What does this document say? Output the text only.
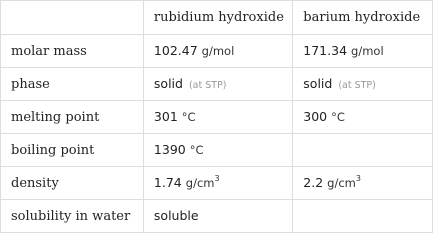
	rubidium hydroxide	barium hydroxide
molar mass	102.47 g/mol	171.34 g/mol
phase	solid (at STP)	solid (at STP)
melting point	301 °C	300 °C
boiling point	1390 °C	
density	1.74 $g/cm^3$	2.2 $g/cm^3$
solubility in water	soluble	
